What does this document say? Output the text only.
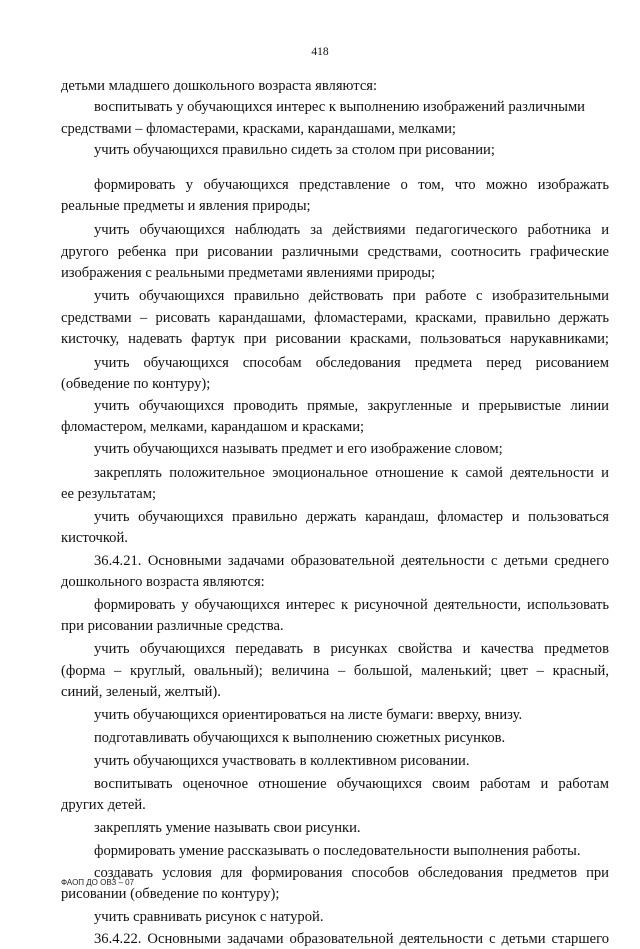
418
детьми младшего дошкольного возраста являются:
воспитывать у обучающихся интерес к выполнению изображений различными
средствами – фломастерами, красками, карандашами, мелками;
учить обучающихся правильно сидеть за столом при рисовании;
формировать у обучающихся представление о том, что можно изображать
реальные предметы и явления природы;
учить обучающихся наблюдать за действиями педагогического работника и
другого ребенка при рисовании различными средствами, соотносить графические
изображения с реальными предметами явлениями природы;
учить обучающихся правильно действовать при работе с изобразительными
средствами – рисовать карандашами, фломастерами, красками, правильно держать
кисточку, надевать фартук при рисовании красками, пользоваться нарукавниками;
учить обучающихся способам обследования предмета перед рисованием
(обведение по контуру);
учить обучающихся проводить прямые, закругленные и прерывистые линии
фломастером, мелками, карандашом и красками;
учить обучающихся называть предмет и его изображение словом;
закреплять положительное эмоциональное отношение к самой деятельности и
ее результатам;
учить обучающихся правильно держать карандаш, фломастер и пользоваться
кисточкой.
36.4.21. Основными задачами образовательной деятельности с детьми среднего
дошкольного возраста являются:
формировать у обучающихся интерес к рисуночной деятельности, использовать
при рисовании различные средства.
учить обучающихся передавать в рисунках свойства и качества предметов
(форма – круглый, овальный); величина – большой, маленький; цвет – красный,
синий, зеленый, желтый).
учить обучающихся ориентироваться на листе бумаги: вверху, внизу.
подготавливать обучающихся к выполнению сюжетных рисунков.
учить обучающихся участвовать в коллективном рисовании.
воспитывать оценочное отношение обучающихся своим работам и работам
других детей.
закреплять умение называть свои рисунки.
формировать умение рассказывать о последовательности выполнения работы.
создавать условия для формирования способов обследования предметов при
рисовании (обведение по контуру);
учить сравнивать рисунок с натурой.
36.4.22. Основными задачами образовательной деятельности с детьми старшего
ФАОП ДО ОВЗ – 07
